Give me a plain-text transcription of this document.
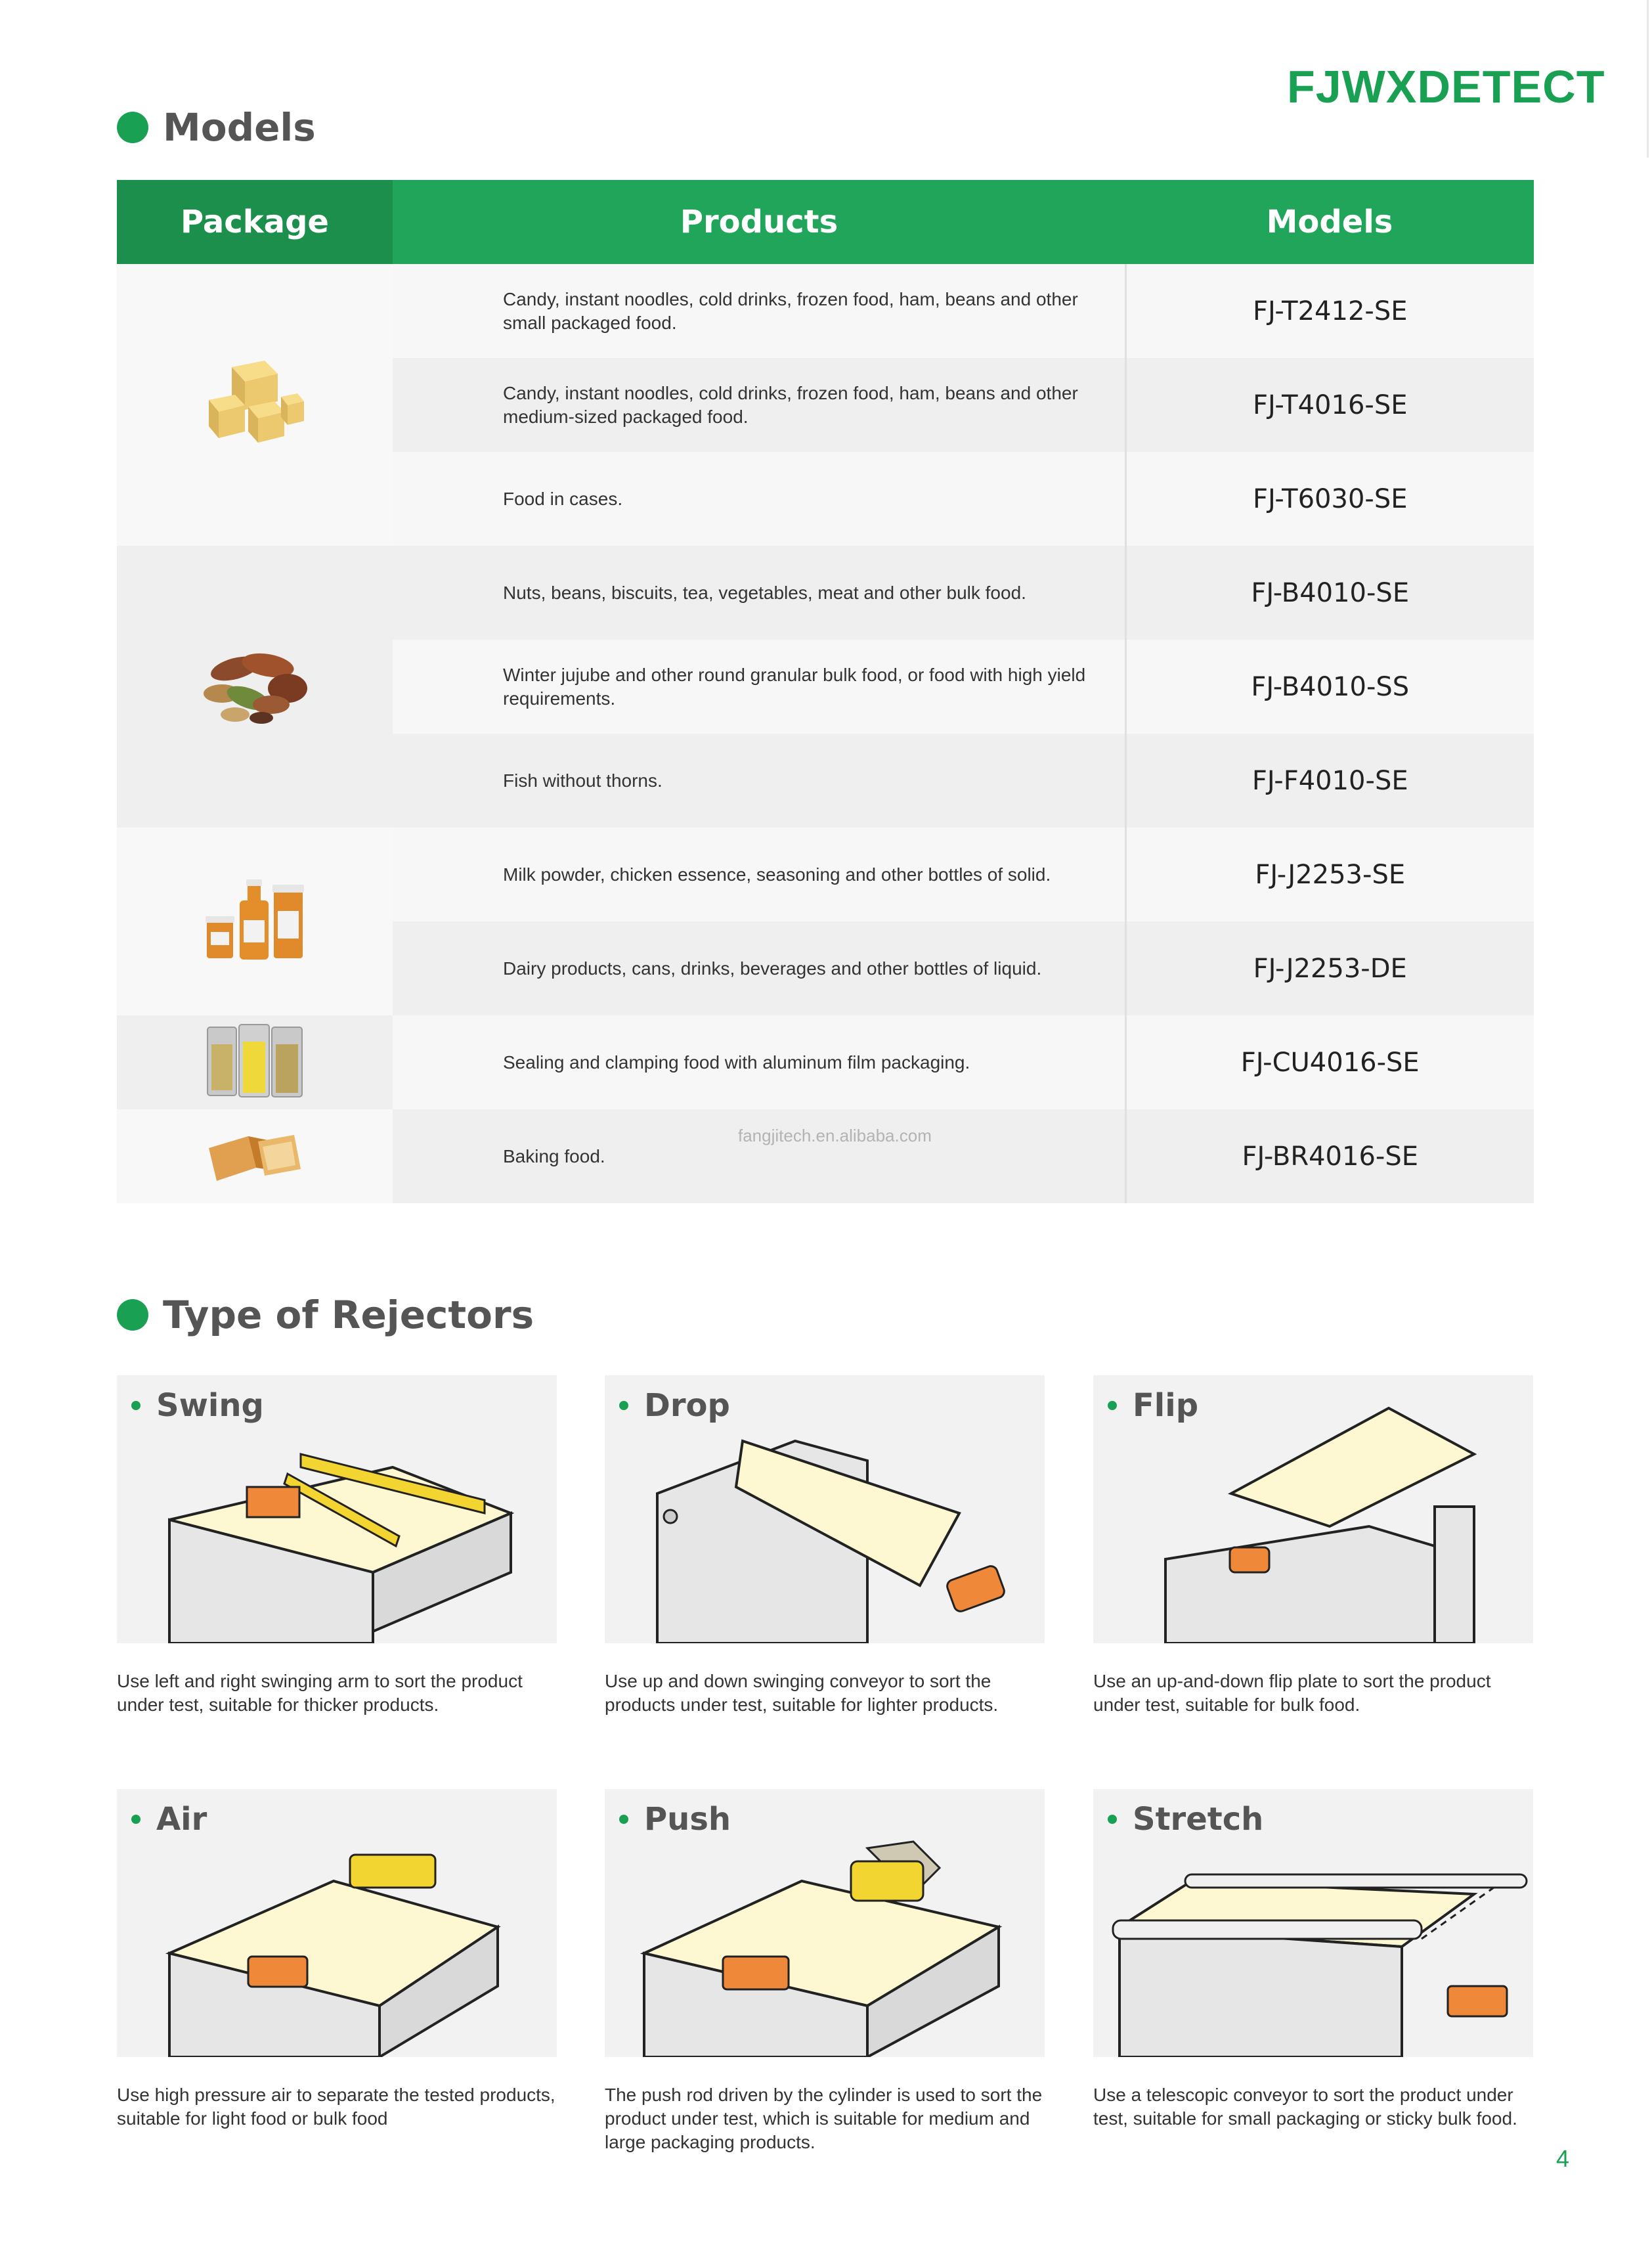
FJWXDETECT
Models
Package	Products	Models
	Candy, instant noodles, cold drinks, frozen food, ham, beans and other small packaged food.	FJ-T2412-SE
	Candy, instant noodles, cold drinks, frozen food, ham, beans and other medium-sized packaged food.	FJ-T4016-SE
	Food in cases.	FJ-T6030-SE
	Nuts, beans, biscuits, tea, vegetables, meat and other bulk food.	FJ-B4010-SE
	Winter jujube and other round granular bulk food, or food with high yield requirements.	FJ-B4010-SS
	Fish without thorns.	FJ-F4010-SE
	Milk powder, chicken essence, seasoning and other bottles of solid.	FJ-J2253-SE
	Dairy products, cans, drinks, beverages and other bottles of liquid.	FJ-J2253-DE
	Sealing and clamping food with aluminum film packaging.	FJ-CU4016-SE
	Baking food.	FJ-BR4016-SE
fangjitech.en.alibaba.com
Type of Rejectors
Swing
Use left and right swinging arm to sort the product under test, suitable for thicker products.
Drop
Use up and down swinging conveyor to sort the products under test, suitable for lighter products.
Flip
Use an up-and-down flip plate to sort the product under test, suitable for bulk food.
Air
Use high pressure air to separate the tested products, suitable for light food or bulk food
Push
The push rod driven by the cylinder is used to sort the product under test, which is suitable for medium and large packaging products.
Stretch
Use a telescopic conveyor to sort the product under test, suitable for small packaging or sticky bulk food.
4
